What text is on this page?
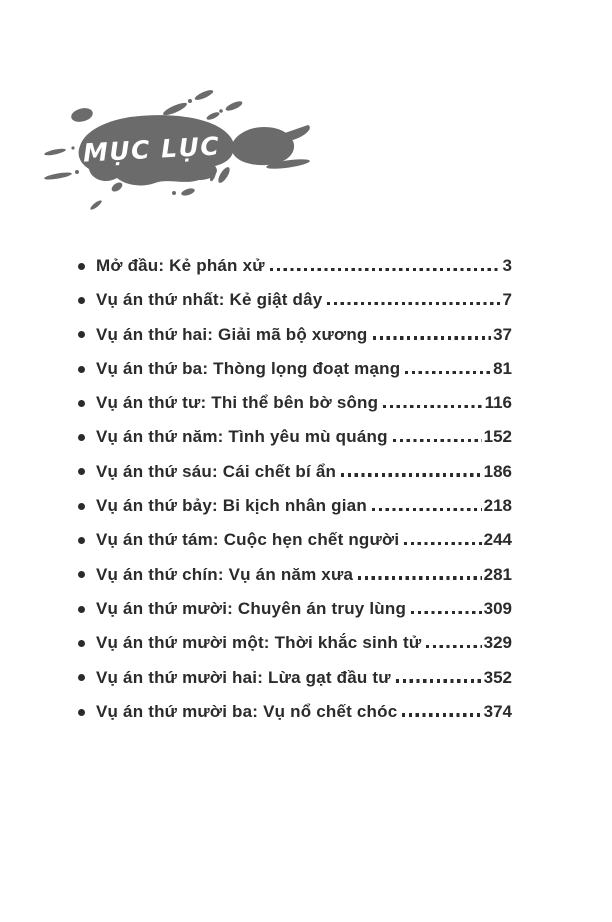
MỤC LỤC
Mở đầu: Kẻ phán xử	3
Vụ án thứ nhất: Kẻ giật dây	7
Vụ án thứ hai: Giải mã bộ xương	37
Vụ án thứ ba: Thòng lọng đoạt mạng	81
Vụ án thứ tư: Thi thể bên bờ sông	116
Vụ án thứ năm: Tình yêu mù quáng	152
Vụ án thứ sáu: Cái chết bí ẩn	186
Vụ án thứ bảy: Bi kịch nhân gian	218
Vụ án thứ tám: Cuộc hẹn chết người	244
Vụ án thứ chín: Vụ án năm xưa	281
Vụ án thứ mười: Chuyên án truy lùng	309
Vụ án thứ mười một: Thời khắc sinh tử	329
Vụ án thứ mười hai: Lừa gạt đầu tư	352
Vụ án thứ mười ba: Vụ nổ chết chóc	374
